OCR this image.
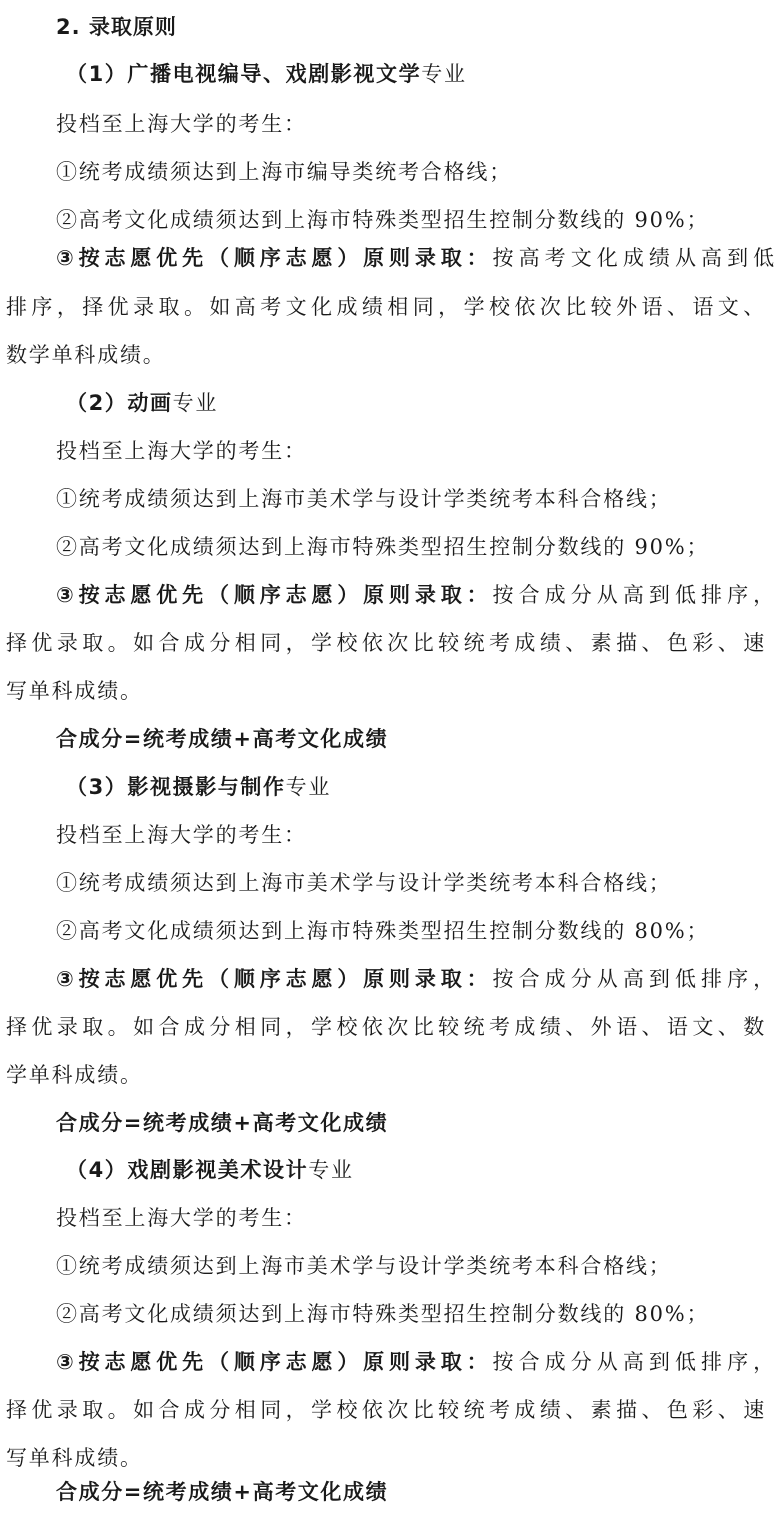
2. 录取原则
（1）广播电视编导、戏剧影视文学专业
投档至上海大学的考生：
①统考成绩须达到上海市编导类统考合格线；
②高考文化成绩须达到上海市特殊类型招生控制分数线的 90%；
③按志愿优先（顺序志愿）原则录取：按高考文化成绩从高到低
排序，择优录取。如高考文化成绩相同，学校依次比较外语、语文、
数学单科成绩。
（2）动画专业
投档至上海大学的考生：
①统考成绩须达到上海市美术学与设计学类统考本科合格线；
②高考文化成绩须达到上海市特殊类型招生控制分数线的 90%；
③按志愿优先（顺序志愿）原则录取：按合成分从高到低排序，
择优录取。如合成分相同，学校依次比较统考成绩、素描、色彩、速
写单科成绩。
合成分=统考成绩+高考文化成绩
（3）影视摄影与制作专业
投档至上海大学的考生：
①统考成绩须达到上海市美术学与设计学类统考本科合格线；
②高考文化成绩须达到上海市特殊类型招生控制分数线的 80%；
③按志愿优先（顺序志愿）原则录取：按合成分从高到低排序，
择优录取。如合成分相同，学校依次比较统考成绩、外语、语文、数
学单科成绩。
合成分=统考成绩+高考文化成绩
（4）戏剧影视美术设计专业
投档至上海大学的考生：
①统考成绩须达到上海市美术学与设计学类统考本科合格线；
②高考文化成绩须达到上海市特殊类型招生控制分数线的 80%；
③按志愿优先（顺序志愿）原则录取：按合成分从高到低排序，
择优录取。如合成分相同，学校依次比较统考成绩、素描、色彩、速
写单科成绩。
合成分=统考成绩+高考文化成绩
